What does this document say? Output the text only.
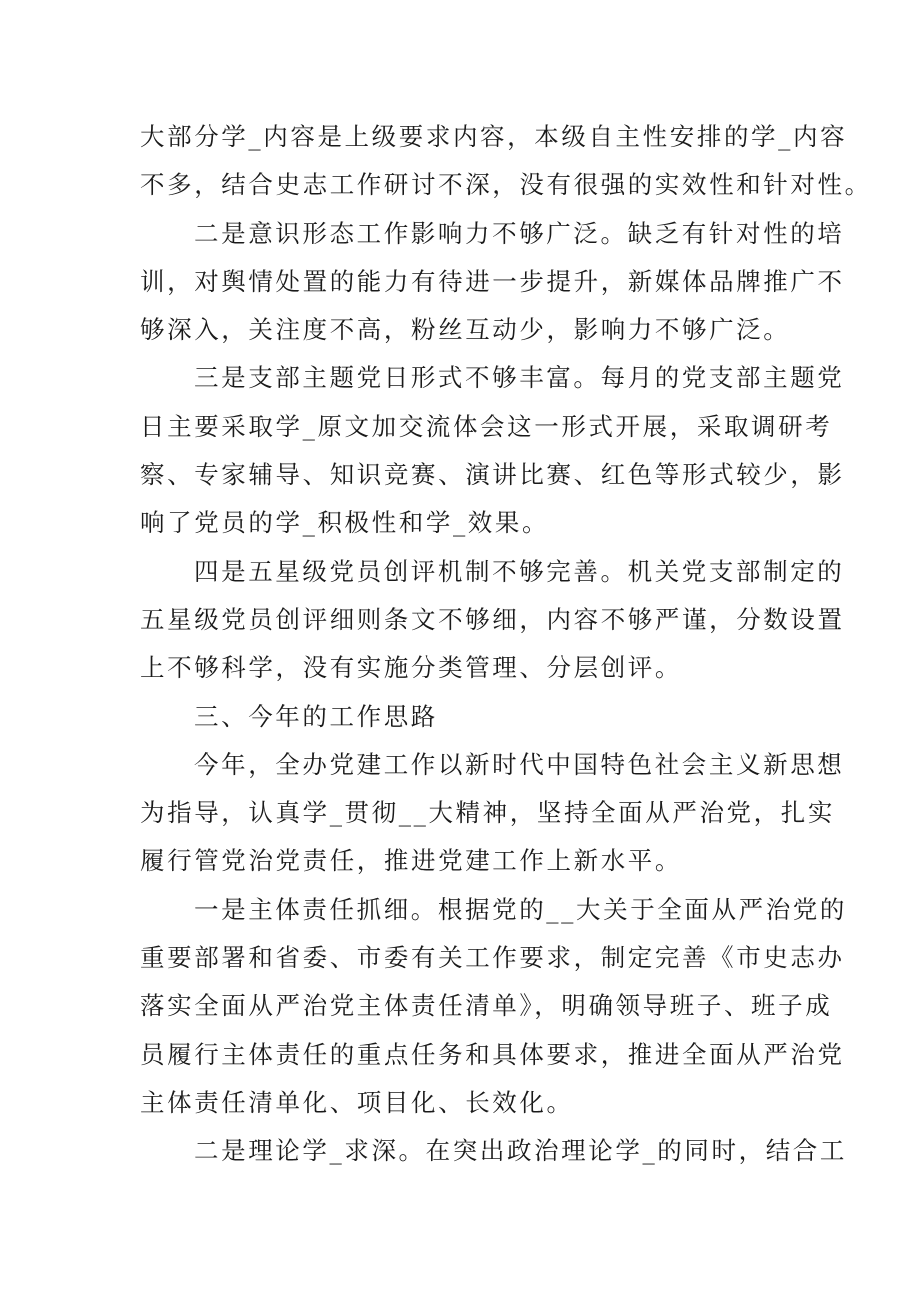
大部分学_内容是上级要求内容，本级自主性安排的学_内容
不多，结合史志工作研讨不深，没有很强的实效性和针对性。
二是意识形态工作影响力不够广泛。缺乏有针对性的培
训，对舆情处置的能力有待进一步提升，新媒体品牌推广不
够深入，关注度不高，粉丝互动少，影响力不够广泛。
三是支部主题党日形式不够丰富。每月的党支部主题党
日主要采取学_原文加交流体会这一形式开展，采取调研考
察、专家辅导、知识竞赛、演讲比赛、红色等形式较少，影
响了党员的学_积极性和学_效果。
四是五星级党员创评机制不够完善。机关党支部制定的
五星级党员创评细则条文不够细，内容不够严谨，分数设置
上不够科学，没有实施分类管理、分层创评。
三、今年的工作思路
今年，全办党建工作以新时代中国特色社会主义新思想
为指导，认真学_贯彻__大精神，坚持全面从严治党，扎实
履行管党治党责任，推进党建工作上新水平。
一是主体责任抓细。根据党的__大关于全面从严治党的
重要部署和省委、市委有关工作要求，制定完善《市史志办
落实全面从严治党主体责任清单》，明确领导班子、班子成
员履行主体责任的重点任务和具体要求，推进全面从严治党
主体责任清单化、项目化、长效化。
二是理论学_求深。在突出政治理论学_的同时，结合工
